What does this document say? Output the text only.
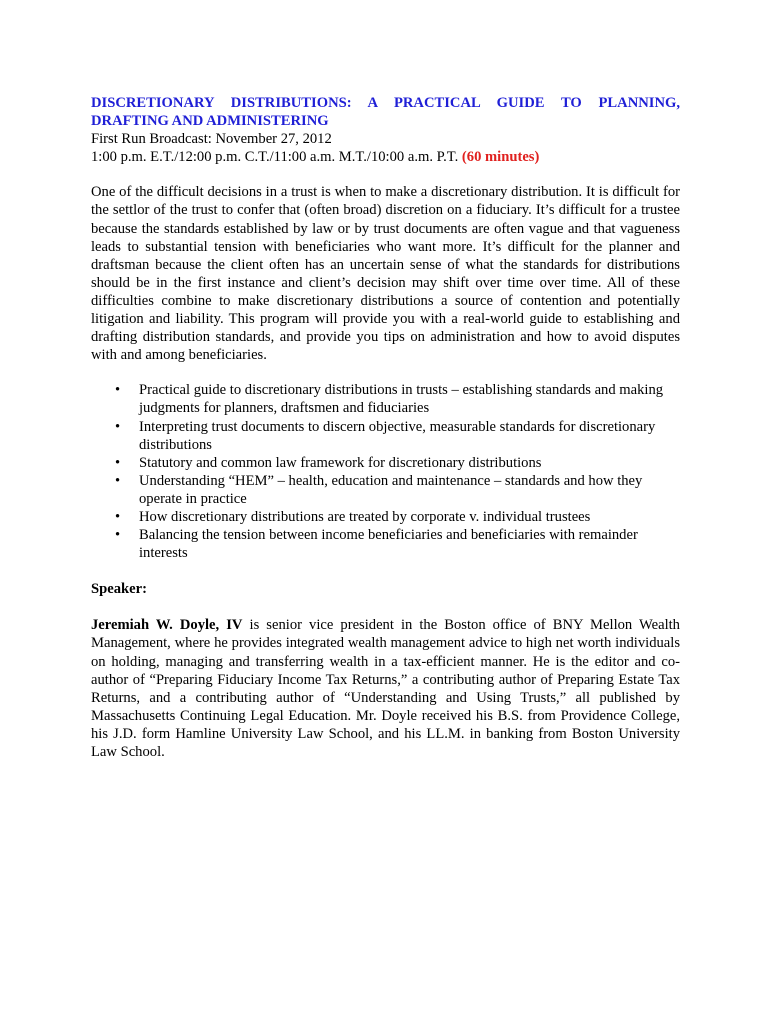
DISCRETIONARY DISTRIBUTIONS: A PRACTICAL GUIDE TO PLANNING,
DRAFTING AND ADMINISTERING
First Run Broadcast: November 27, 2012
1:00 p.m. E.T./12:00 p.m. C.T./11:00 a.m. M.T./10:00 a.m. P.T. (60 minutes)

One of the difficult decisions in a trust is when to make a discretionary distribution. It is difficult for the settlor of the trust to confer that (often broad) discretion on a fiduciary. It’s difficult for a trustee because the standards established by law or by trust documents are often vague and that vagueness leads to substantial tension with beneficiaries who want more. It’s difficult for the planner and draftsman because the client often has an uncertain sense of what the standards for distributions should be in the first instance and client’s decision may shift over time over time. All of these difficulties combine to make discretionary distributions a source of contention and potentially litigation and liability. This program will provide you with a real-world guide to establishing and drafting distribution standards, and provide you tips on administration and how to avoid disputes with and among beneficiaries.

• Practical guide to discretionary distributions in trusts – establishing standards and making judgments for planners, draftsmen and fiduciaries
• Interpreting trust documents to discern objective, measurable standards for discretionary distributions
• Statutory and common law framework for discretionary distributions
• Understanding “HEM” – health, education and maintenance – standards and how they operate in practice
• How discretionary distributions are treated by corporate v. individual trustees
• Balancing the tension between income beneficiaries and beneficiaries with remainder interests
Speaker:

Jeremiah W. Doyle, IV is senior vice president in the Boston office of BNY Mellon Wealth Management, where he provides integrated wealth management advice to high net worth individuals on holding, managing and transferring wealth in a tax-efficient manner. He is the editor and co-author of “Preparing Fiduciary Income Tax Returns,” a contributing author of Preparing Estate Tax Returns, and a contributing author of “Understanding and Using Trusts,” all published by Massachusetts Continuing Legal Education. Mr. Doyle received his B.S. from Providence College, his J.D. form Hamline University Law School, and his LL.M. in banking from Boston University Law School.
